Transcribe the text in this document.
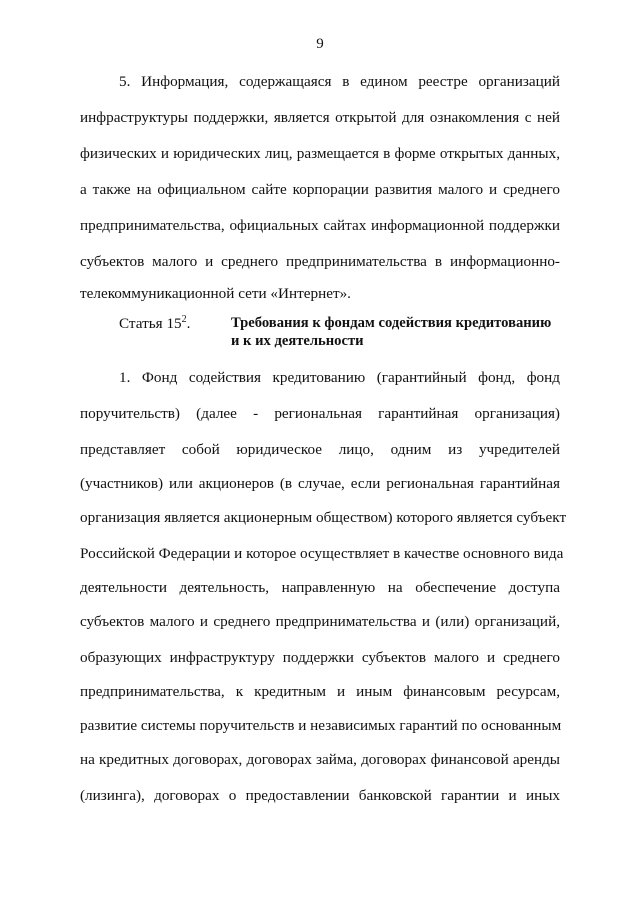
9
5. Информация, содержащаяся в едином реестре организаций
инфраструктуры поддержки, является открытой для ознакомления с ней
физических и юридических лиц, размещается в форме открытых данных,
а также на официальном сайте корпорации развития малого и среднего
предпринимательства, официальных сайтах информационной поддержки
субъектов малого и среднего предпринимательства в информационно-
телекоммуникационной сети «Интернет».
Статья $15^2$.	Требования к фондам содействия кредитованию
и к их деятельности
1. Фонд содействия кредитованию (гарантийный фонд, фонд
поручительств) (далее - региональная гарантийная организация)
представляет собой юридическое лицо, одним из учредителей
(участников) или акционеров (в случае, если региональная гарантийная
организация является акционерным обществом) которого является субъект
Российской Федерации и которое осуществляет в качестве основного вида
деятельности деятельность, направленную на обеспечение доступа
субъектов малого и среднего предпринимательства и (или) организаций,
образующих инфраструктуру поддержки субъектов малого и среднего
предпринимательства, к кредитным и иным финансовым ресурсам,
развитие системы поручительств и независимых гарантий по основанным
на кредитных договорах, договорах займа, договорах финансовой аренды
(лизинга), договорах о предоставлении банковской гарантии и иных
